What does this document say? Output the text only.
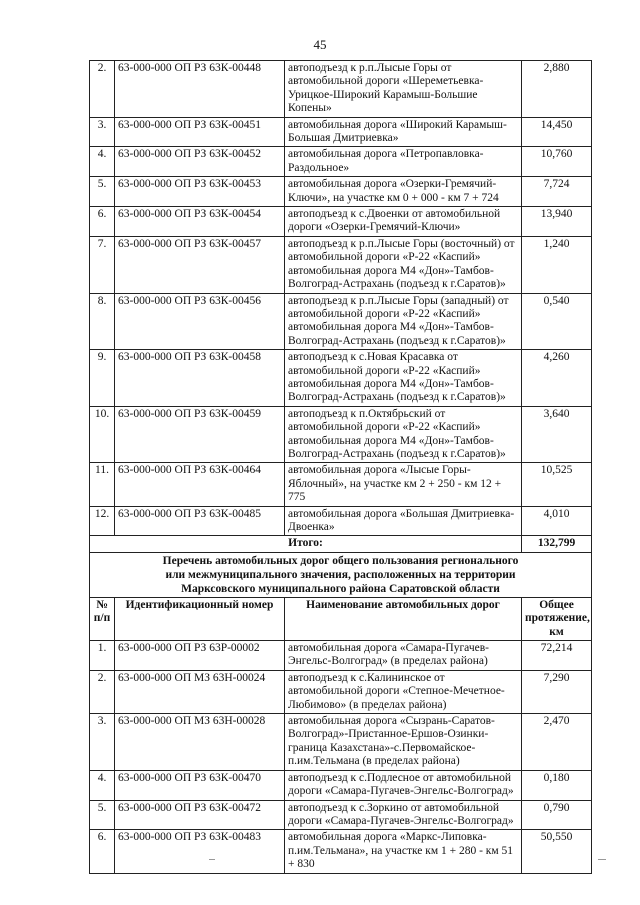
45
2.	63-000-000 ОП РЗ 63К-00448	автоподъезд к р.п.Лысые Горы от автомобильной дороги «Шереметьевка-Урицкое-Широкий Карамыш-Большие Копены»	2,880
3.	63-000-000 ОП РЗ 63К-00451	автомобильная дорога «Широкий Карамыш-Большая Дмитриевка»	14,450
4.	63-000-000 ОП РЗ 63К-00452	автомобильная дорога «Петропавловка-Раздольное»	10,760
5.	63-000-000 ОП РЗ 63К-00453	автомобильная дорога «Озерки-Гремячий-Ключи», на участке км 0 + 000 - км 7 + 724	7,724
6.	63-000-000 ОП РЗ 63К-00454	автоподъезд к с.Двоенки от автомобильной дороги «Озерки-Гремячий-Ключи»	13,940
7.	63-000-000 ОП РЗ 63К-00457	автоподъезд к р.п.Лысые Горы (восточный) от автомобильной дороги «Р-22 «Каспий» автомобильная дорога М4 «Дон»-Тамбов-Волгоград-Астрахань (подъезд к г.Саратов)»	1,240
8.	63-000-000 ОП РЗ 63К-00456	автоподъезд к р.п.Лысые Горы (западный) от автомобильной дороги «Р-22 «Каспий» автомобильная дорога М4 «Дон»-Тамбов-Волгоград-Астрахань (подъезд к г.Саратов)»	0,540
9.	63-000-000 ОП РЗ 63К-00458	автоподъезд к с.Новая Красавка от автомобильной дороги «Р-22 «Каспий» автомобильная дорога М4 «Дон»-Тамбов-Волгоград-Астрахань (подъезд к г.Саратов)»	4,260
10.	63-000-000 ОП РЗ 63К-00459	автоподъезд к п.Октябрьский от автомобильной дороги «Р-22 «Каспий» автомобильная дорога М4 «Дон»-Тамбов-Волгоград-Астрахань (подъезд к г.Саратов)»	3,640
11.	63-000-000 ОП РЗ 63К-00464	автомобильная дорога «Лысые Горы-Яблочный», на участке км 2 + 250 - км 12 + 775	10,525
12.	63-000-000 ОП РЗ 63К-00485	автомобильная дорога «Большая Дмитриевка-Двоенка»	4,010
Итого:			132,799

Перечень автомобильных дорог общего пользования регионального
или межмуниципального значения, расположенных на территории
Марксовского муниципального района Саратовской области			

№ п/п	Идентификационный номер	Наименование автомобильных дорог	Общее протяжение, км
1.	63-000-000 ОП РЗ 63Р-00002	автомобильная дорога «Самара-Пугачев-Энгельс-Волгоград» (в пределах района)	72,214
2.	63-000-000 ОП МЗ 63Н-00024	автоподъезд к с.Калининское от автомобильной дороги «Степное-Мечетное-Любимово» (в пределах района)	7,290
3.	63-000-000 ОП МЗ 63Н-00028	автомобильная дорога «Сызрань-Саратов-Волгоград»-Пристанное-Ершов-Озинки-граница Казахстана»-с.Первомайское-п.им.Тельмана (в пределах района)	2,470
4.	63-000-000 ОП РЗ 63К-00470	автоподъезд к с.Подлесное от автомобильной дороги «Самара-Пугачев-Энгельс-Волгоград»	0,180
5.	63-000-000 ОП РЗ 63К-00472	автоподъезд к с.Зоркино от автомобильной дороги «Самара-Пугачев-Энгельс-Волгоград»	0,790
6.	63-000-000 ОП РЗ 63К-00483	автомобильная дорога «Маркс-Липовка-п.им.Тельмана», на участке км 1 + 280 - км 51 + 830	50,550
